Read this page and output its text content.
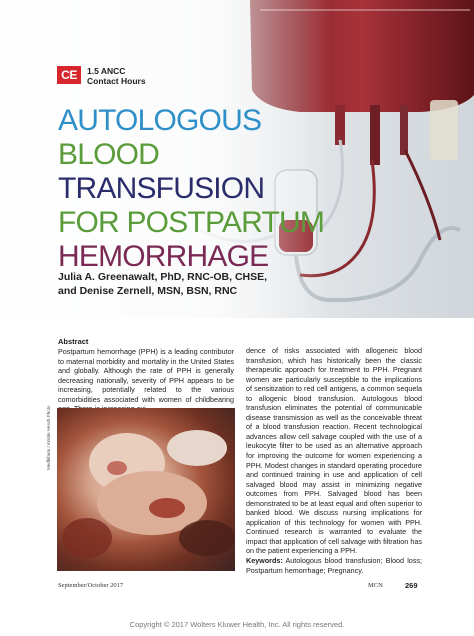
CE	1.5 ANCC
Contact Hours
AUTOLOGOUS
BLOOD TRANSFUSION
FOR POSTPARTUM
HEMORRHAGE
Julia A. Greenawalt, PhD, RNC-OB, CHSE,
and Denise Zernell, MSN, BSN, RNC
Abstract

Postpartum hemorrhage (PPH) is a leading contributor to maternal morbidity and mortality in the United States and globally. Although the rate of PPH is generally decreasing nationally, severity of PPH appears to be increasing, potentially related to the various comorbidities associated with women of childbearing

Medhifarm / Kristin Hesch Photo

dence of risks associated with allogeneic blood transfusion, which has historically been the classic therapeutic approach for treatment to PPH. Pregnant women are particularly susceptible to the implications of sensitization to red cell antigens, a common sequela to allogenic blood transfusion. Autologous blood transfusion eliminates the potential of communicable disease transmission as well as the conceivable threat of a blood transfusion reaction. Recent technological advances allow cell salvage coupled with the use of a leukocyte filter to be used as an alternative approach for improving the outcome for women experiencing a PPH. Modest changes in standard operating procedure and continued training in use and application of cell salvaged blood may assist in minimizing negative outcomes from PPH. Salvaged blood has been demonstrated to be at least equal and often superior to banked blood. We discuss nursing implications for application of this technology for women with PPH. Continued research is warranted to evaluate the impact that application of cell salvage with filtration has on the patient experiencing a PPH.

Keywords: Autologous blood transfusion; Blood loss; Postpartum hemorrhage; Pregnancy.

September/October 2017	MCN	269
Copyright © 2017 Wolters Kluwer Health, Inc. All rights reserved.
